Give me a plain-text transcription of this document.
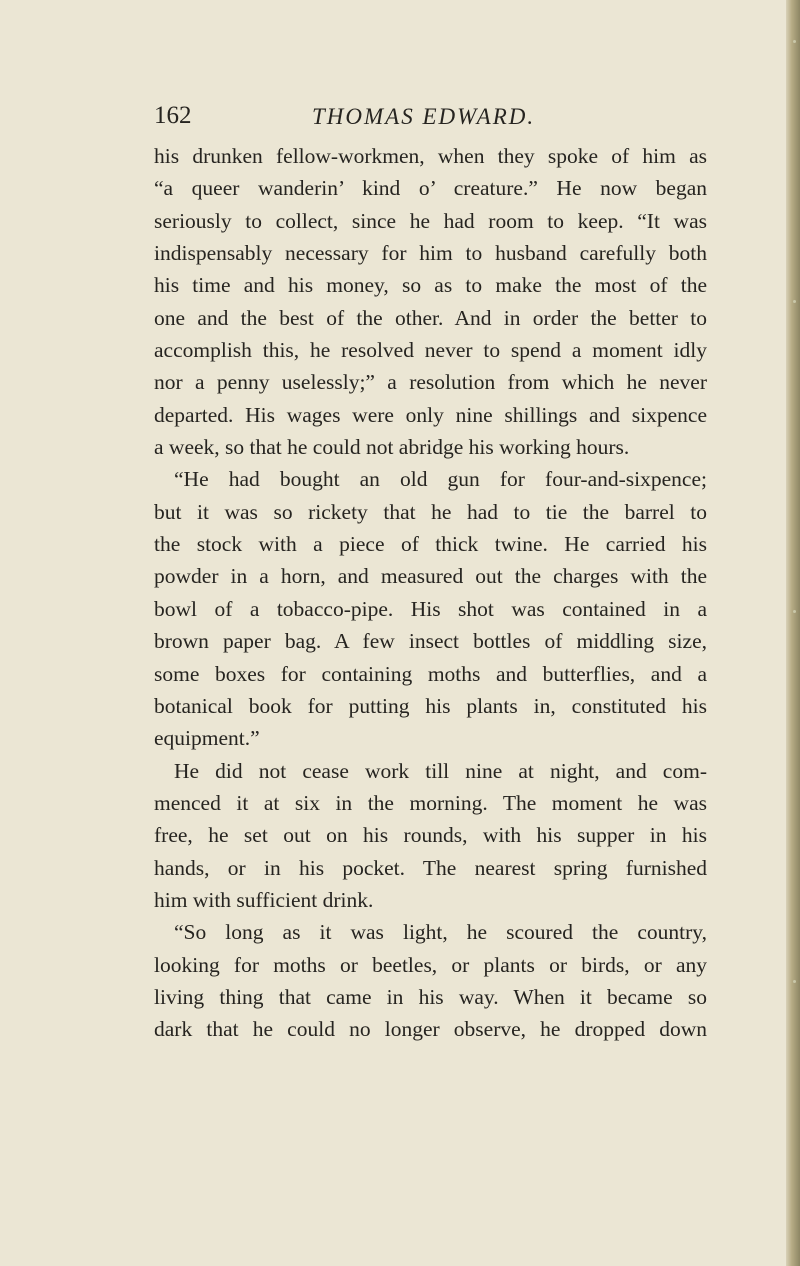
162	THOMAS EDWARD.
his drunken fellow-workmen, when they spoke of him as
“a queer wanderin’ kind o’ creature.” He now began
seriously to collect, since he had room to keep. “It was
indispensably necessary for him to husband carefully both
his time and his money, so as to make the most of the
one and the best of the other. And in order the better to
accomplish this, he resolved never to spend a moment idly
nor a penny uselessly;” a resolution from which he never
departed. His wages were only nine shillings and sixpence
a week, so that he could not abridge his working hours.
“He had bought an old gun for four-and-sixpence;
but it was so rickety that he had to tie the barrel to
the stock with a piece of thick twine. He carried his
powder in a horn, and measured out the charges with the
bowl of a tobacco-pipe. His shot was contained in a
brown paper bag. A few insect bottles of middling size,
some boxes for containing moths and butterflies, and a
botanical book for putting his plants in, constituted his
equipment.”
He did not cease work till nine at night, and com-
menced it at six in the morning. The moment he was
free, he set out on his rounds, with his supper in his
hands, or in his pocket. The nearest spring furnished
him with sufficient drink.
“So long as it was light, he scoured the country,
looking for moths or beetles, or plants or birds, or any
living thing that came in his way. When it became so
dark that he could no longer observe, he dropped down
